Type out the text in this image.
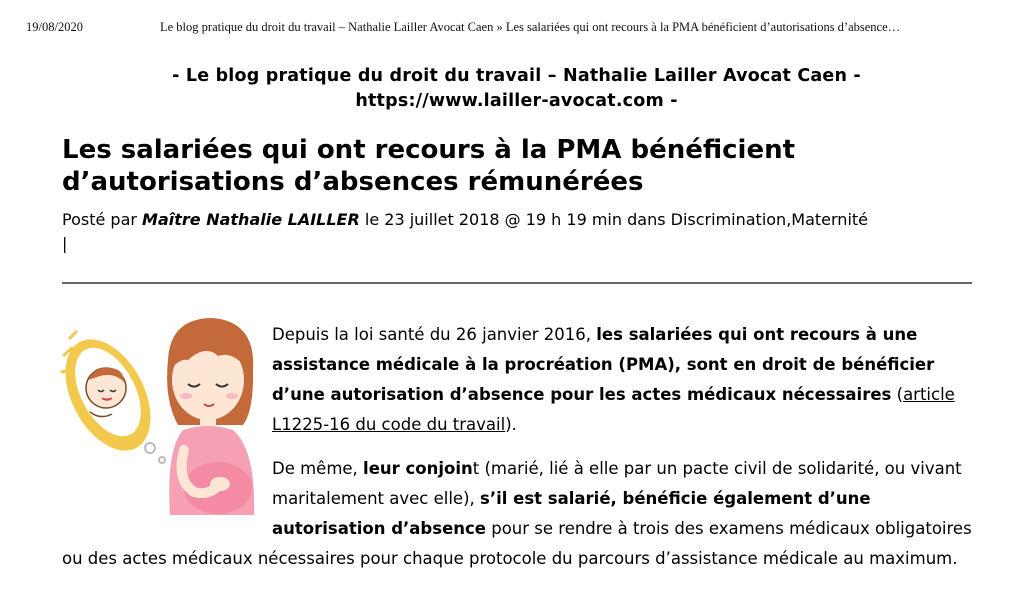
19/08/2020	Le blog pratique du droit du travail – Nathalie Lailler Avocat Caen » Les salariées qui ont recours à la PMA bénéficient d’autorisations d’absence…
- Le blog pratique du droit du travail – Nathalie Lailler Avocat Caen -
https://www.lailler-avocat.com -
Les salariées qui ont recours à la PMA bénéficient
d’autorisations d’absences rémunérées
Posté par Maître Nathalie LAILLER le 23 juillet 2018 @ 19 h 19 min dans Discrimination,Maternité
|

Depuis la loi santé du 26 janvier 2016, les salariées qui ont recours à une assistance médicale à la procréation (PMA), sont en droit de bénéficier d’une autorisation d’absence pour les actes médicaux nécessaires (article L1225-16 du code du travail).

De même, leur conjoint (marié, lié à elle par un pacte civil de solidarité, ou vivant maritalement avec elle), s’il est salarié, bénéficie également d’une autorisation d’absence pour se rendre à trois des examens médicaux obligatoires ou des actes médicaux nécessaires pour chaque protocole du parcours d’assistance médicale au maximum.
